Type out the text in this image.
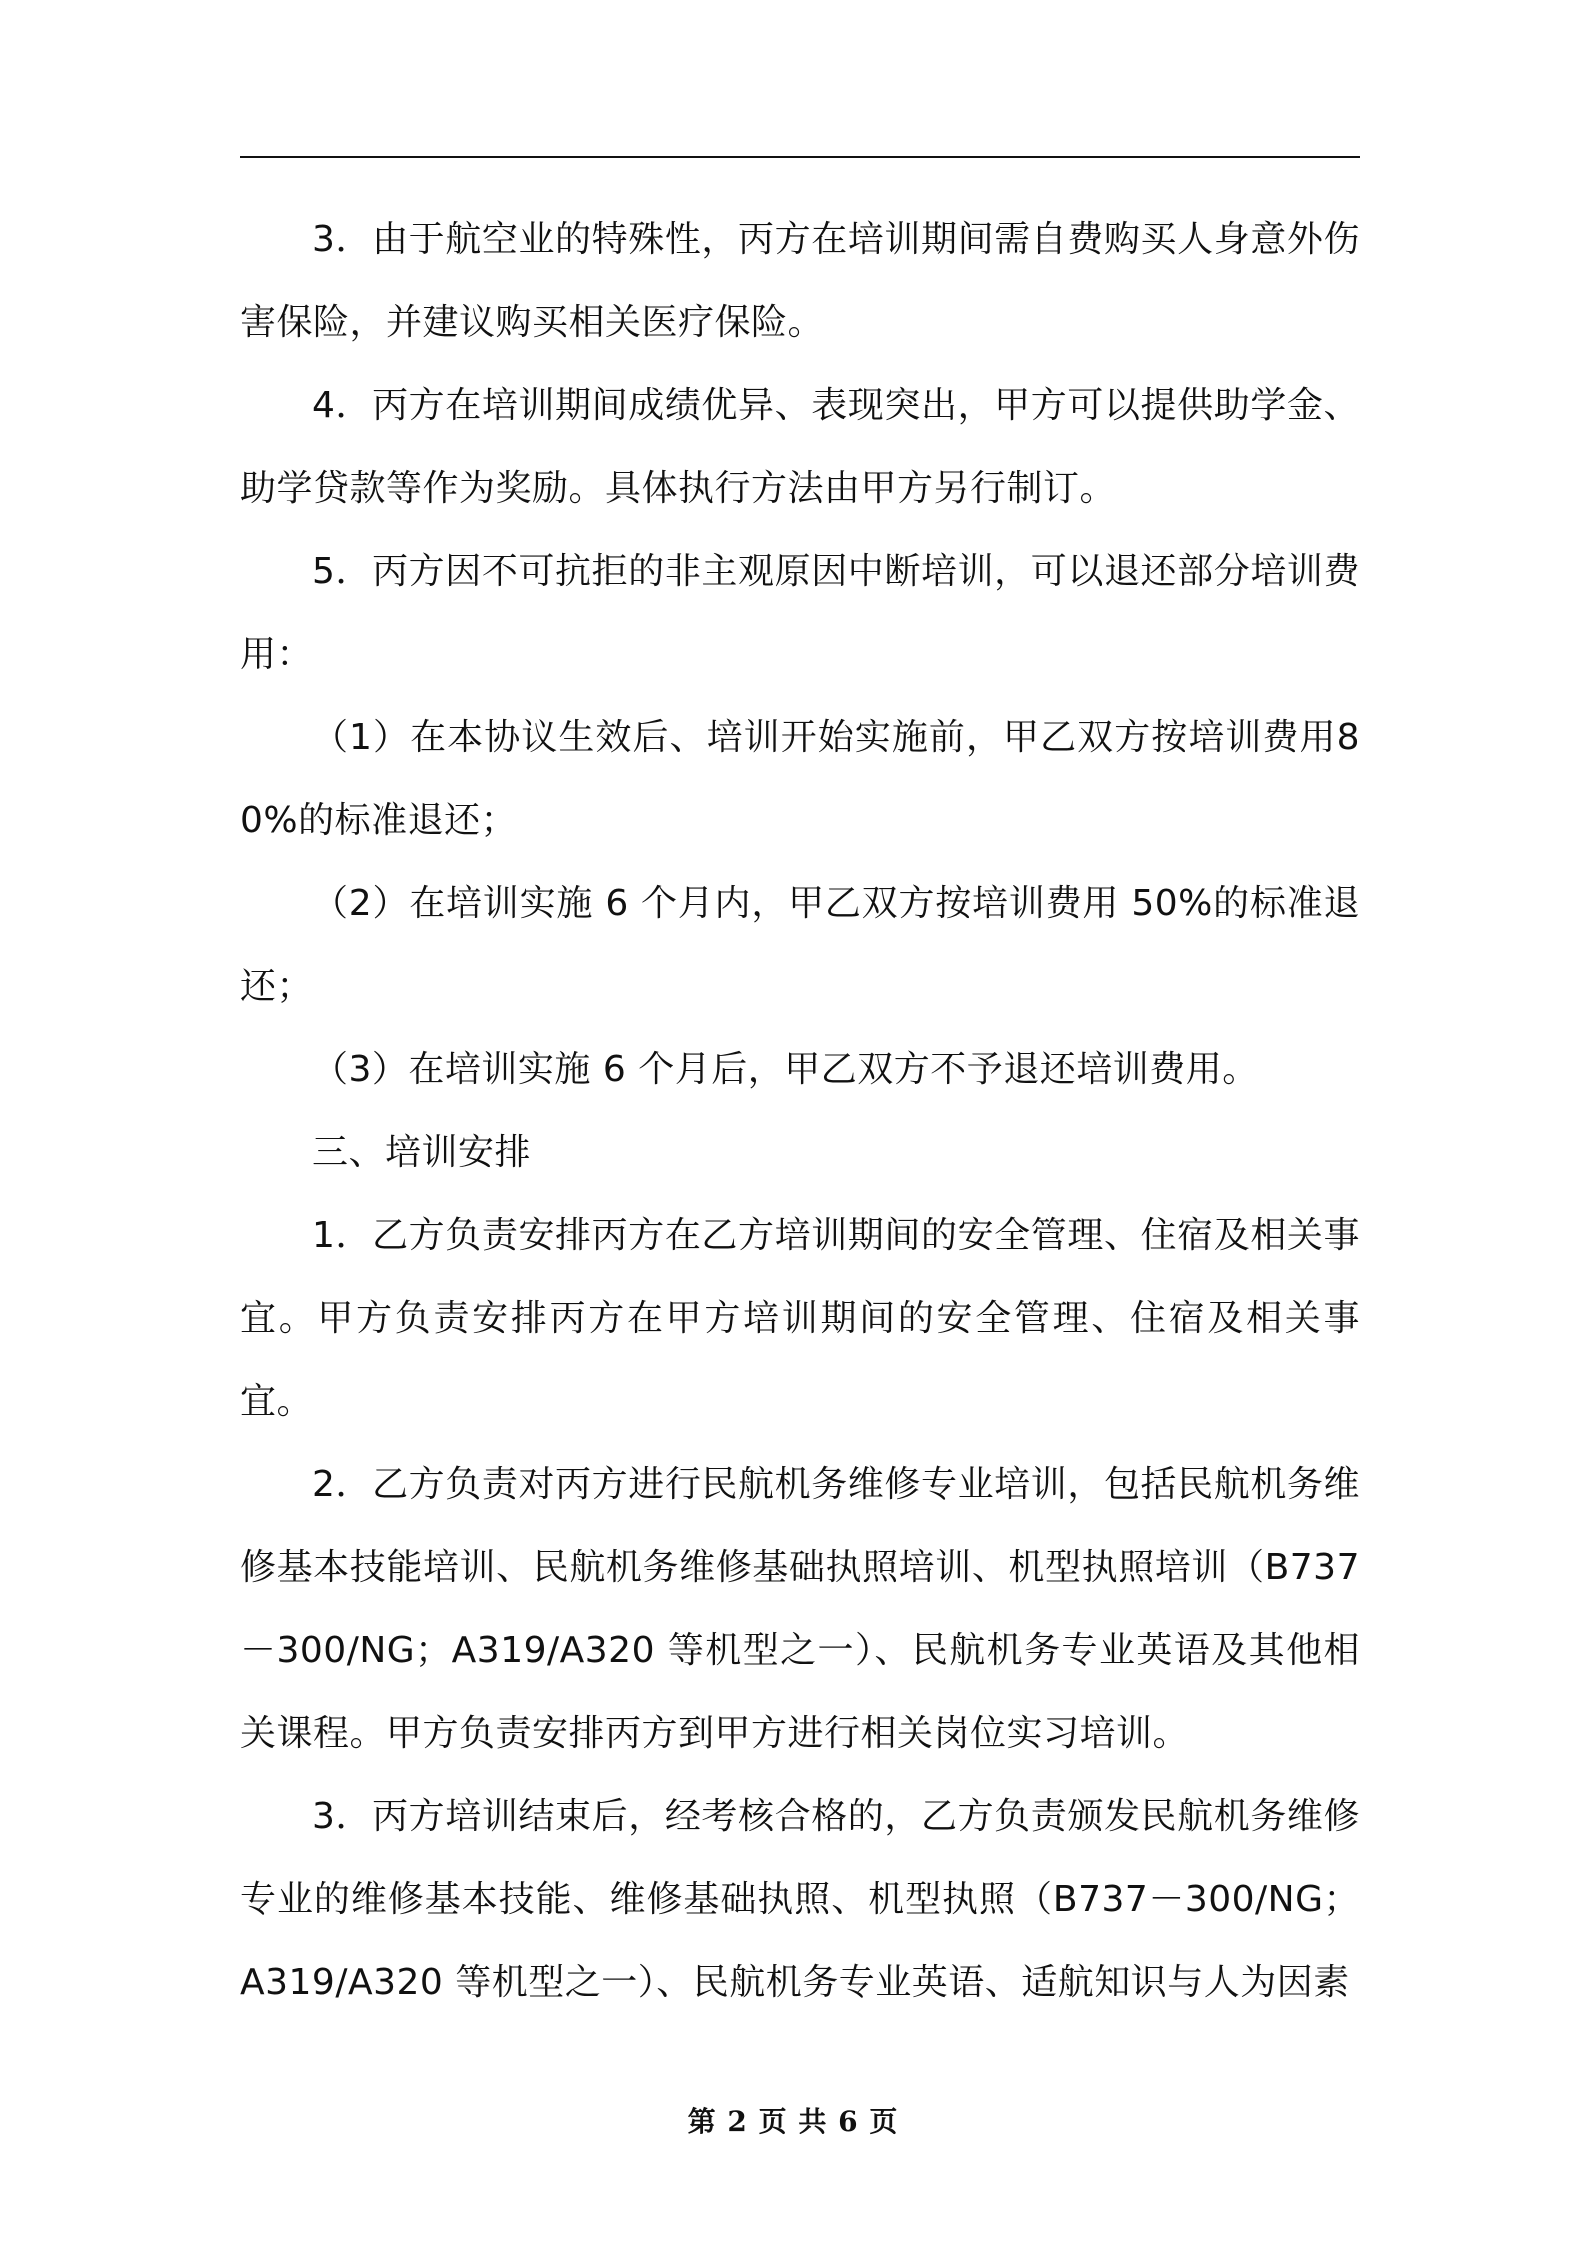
3．由于航空业的特殊性，丙方在培训期间需自费购买人身意外伤害保险，并建议购买相关医疗保险。

4．丙方在培训期间成绩优异、表现突出，甲方可以提供助学金、助学贷款等作为奖励。具体执行方法由甲方另行制订。

5．丙方因不可抗拒的非主观原因中断培训，可以退还部分培训费用：

（1）在本协议生效后、培训开始实施前，甲乙双方按培训费用80%的标准退还；

（2）在培训实施 6 个月内，甲乙双方按培训费用 50%的标准退还；

（3）在培训实施 6 个月后，甲乙双方不予退还培训费用。

三、培训安排

1．乙方负责安排丙方在乙方培训期间的安全管理、住宿及相关事宜。甲方负责安排丙方在甲方培训期间的安全管理、住宿及相关事宜。

2．乙方负责对丙方进行民航机务维修专业培训，包括民航机务维修基本技能培训、民航机务维修基础执照培训、机型执照培训（B737－300/NG；A319/A320 等机型之一）、民航机务专业英语及其他相关课程。甲方负责安排丙方到甲方进行相关岗位实习培训。

3．丙方培训结束后，经考核合格的，乙方负责颁发民航机务维修专业的维修基本技能、维修基础执照、机型执照（B737－300/NG；A319/A320 等机型之一）、民航机务专业英语、适航知识与人为因素

第 2 页 共 6 页
